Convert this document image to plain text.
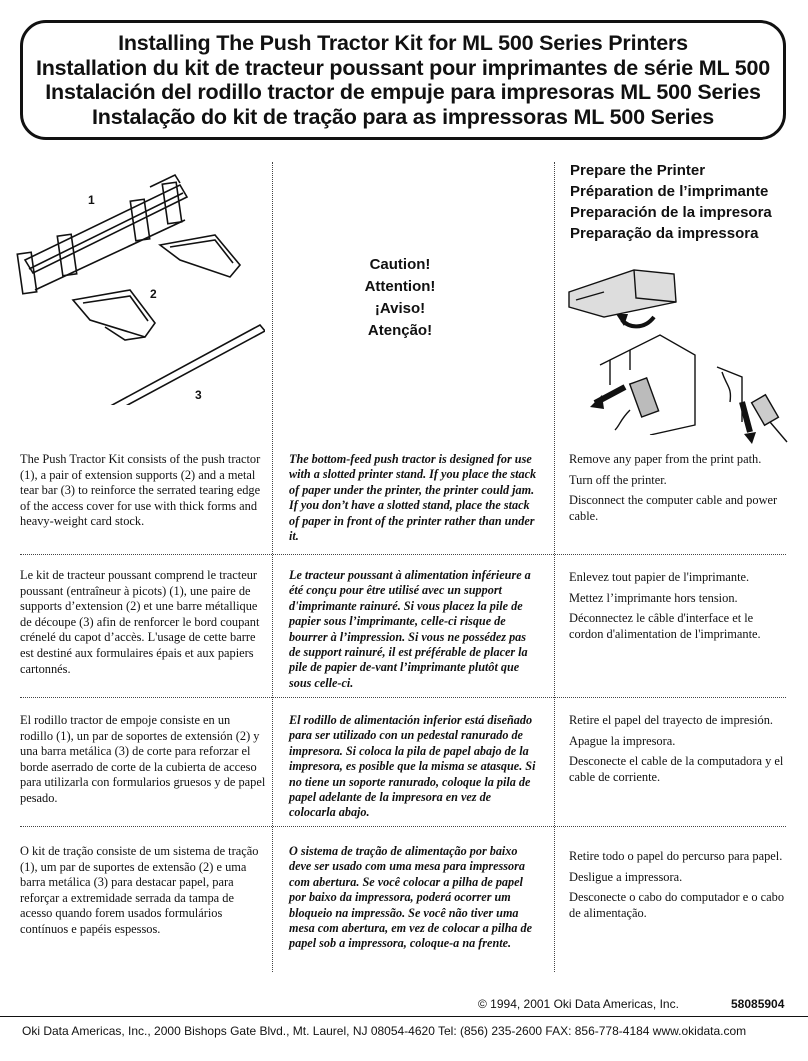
Installing The Push Tractor Kit for ML 500 Series Printers
Installation du kit de tracteur poussant pour imprimantes de série ML 500
Instalación del rodillo tractor de empuje para impresoras ML 500 Series
Instalação do kit de tração para as impressoras ML 500 Series
1
2
3
Caution!
Attention!
¡Aviso!
Atenção!
Prepare the Printer
Préparation de l’imprimante
Preparación de la impresora
Preparação da impressora
The Push Tractor Kit consists of the push tractor (1), a pair of extension supports (2) and a metal tear bar (3) to reinforce the serrated tearing edge of the access cover for use with thick forms and heavy-weight card stock.
Le kit de tracteur poussant comprend le tracteur poussant (entraîneur à picots) (1), une paire de supports d’extension (2) et une barre métallique de découpe (3) afin de renforcer le bord coupant crénelé du capot d’accès. L'usage de cette barre est destiné aux formulaires épais et aux papiers cartonnés.
El rodillo tractor de empoje consiste en un rodillo (1), un par de soportes de extensión (2) y una barra metálica (3) de corte para reforzar el borde aserrado de corte de la cubierta de acceso para utilizarla con formularios gruesos y de papel pesado.
O kit de tração consiste de um sistema de tração (1), um par de suportes de extensão (2) e uma barra metálica (3) para destacar papel, para reforçar a extremidade serrada da tampa de acesso quando forem usados formulários contínuos e papéis espessos.
The bottom-feed push tractor is designed for use with a slotted printer stand. If you place the stack of paper under the printer, the printer could jam. If you don’t have a slotted stand, place the stack of paper in front of the printer rather than under it.
Le tracteur poussant à alimentation inférieure a été conçu pour être utilisé avec un support d'imprimante rainuré. Si vous placez la pile de papier sous l’imprimante, celle-ci risque de bourrer à l’impression. Si vous ne possédez pas de support rainuré, il est préférable de placer la pile de papier de-vant l’imprimante plutôt que sous celle-ci.
El rodillo de alimentación inferior está diseñado para ser utilizado con un pedestal ranurado de impresora. Si coloca la pila de papel abajo de la impresora, es posible que la misma se atasque. Si no tiene un soporte ranurado, coloque la pila de papel adelante de la impresora en vez de colocarla abajo.
O sistema de tração de alimentação por baixo deve ser usado com uma mesa para impressora com abertura. Se você colocar a pilha de papel por baixo da impressora, poderá ocorrer um bloqueio na impressão. Se você não tiver uma mesa com abertura, em vez de colocar a pilha de papel sob a impressora, coloque-a na frente.

Remove any paper from the print path.

Turn off the printer.

Disconnect the computer cable and power cable.

Enlevez tout papier de l'imprimante.

Mettez l’imprimante hors tension.

Déconnectez le câble d'interface et le cordon d'alimentation de l'imprimante.

Retire el papel del trayecto de impresión.

Apague la impresora.

Desconecte el cable de la computadora y el cable de corriente.

Retire todo o papel do percurso para papel.

Desligue a impressora.

Desconecte o cabo do computador e o cabo de alimentação.

© 1994, 2001 Oki Data Americas, Inc.	58085904
Oki Data Americas, Inc., 2000 Bishops Gate Blvd., Mt. Laurel, NJ 08054-4620 Tel: (856) 235-2600 FAX: 856-778-4184 www.okidata.com
